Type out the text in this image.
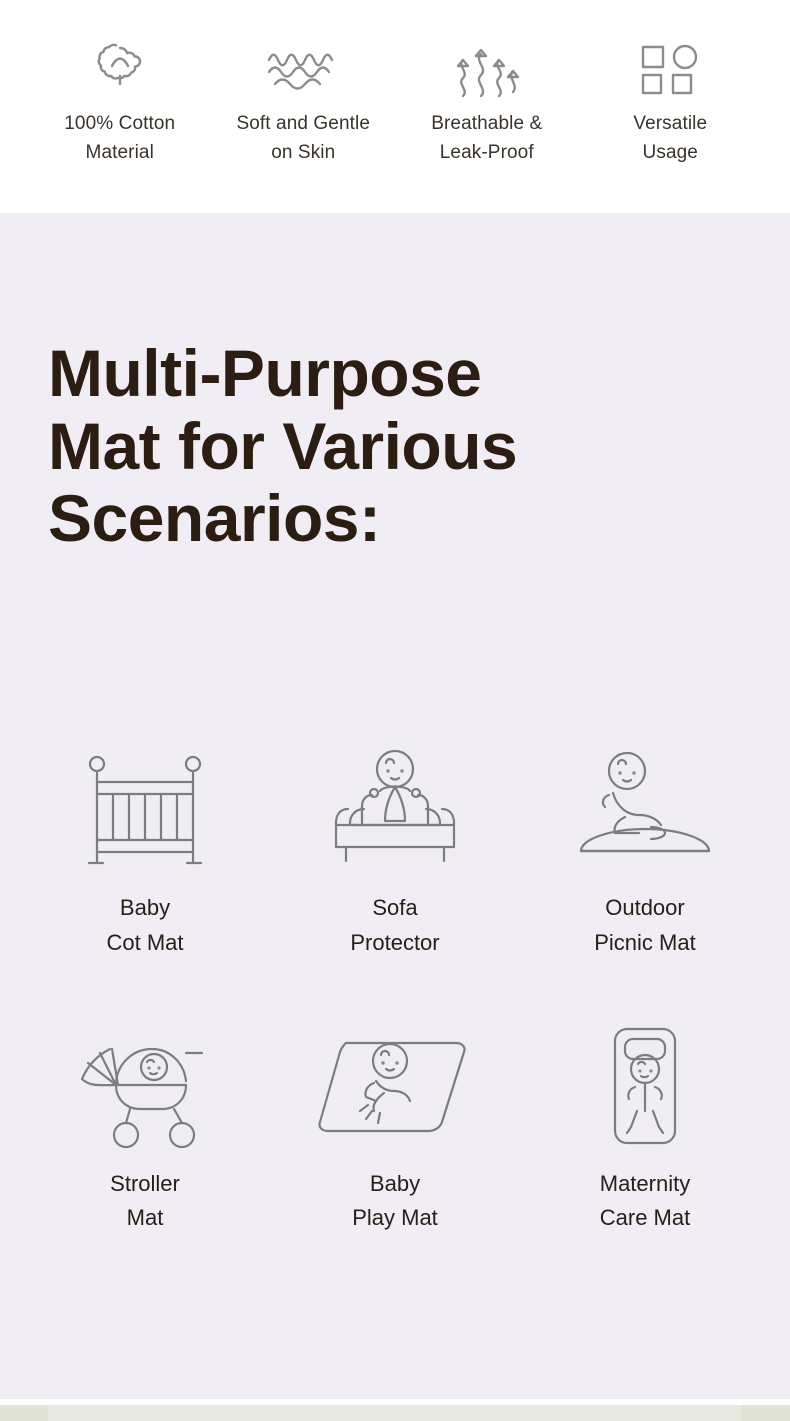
100% Cotton
Material
Soft and Gentle
on Skin
Breathable &
Leak-Proof
Versatile
Usage
Multi-Purpose
Mat for Various
Scenarios:
Baby
Cot Mat
Sofa
Protector
Outdoor
Picnic Mat
Stroller
Mat
Baby
Play Mat
Maternity
Care Mat
